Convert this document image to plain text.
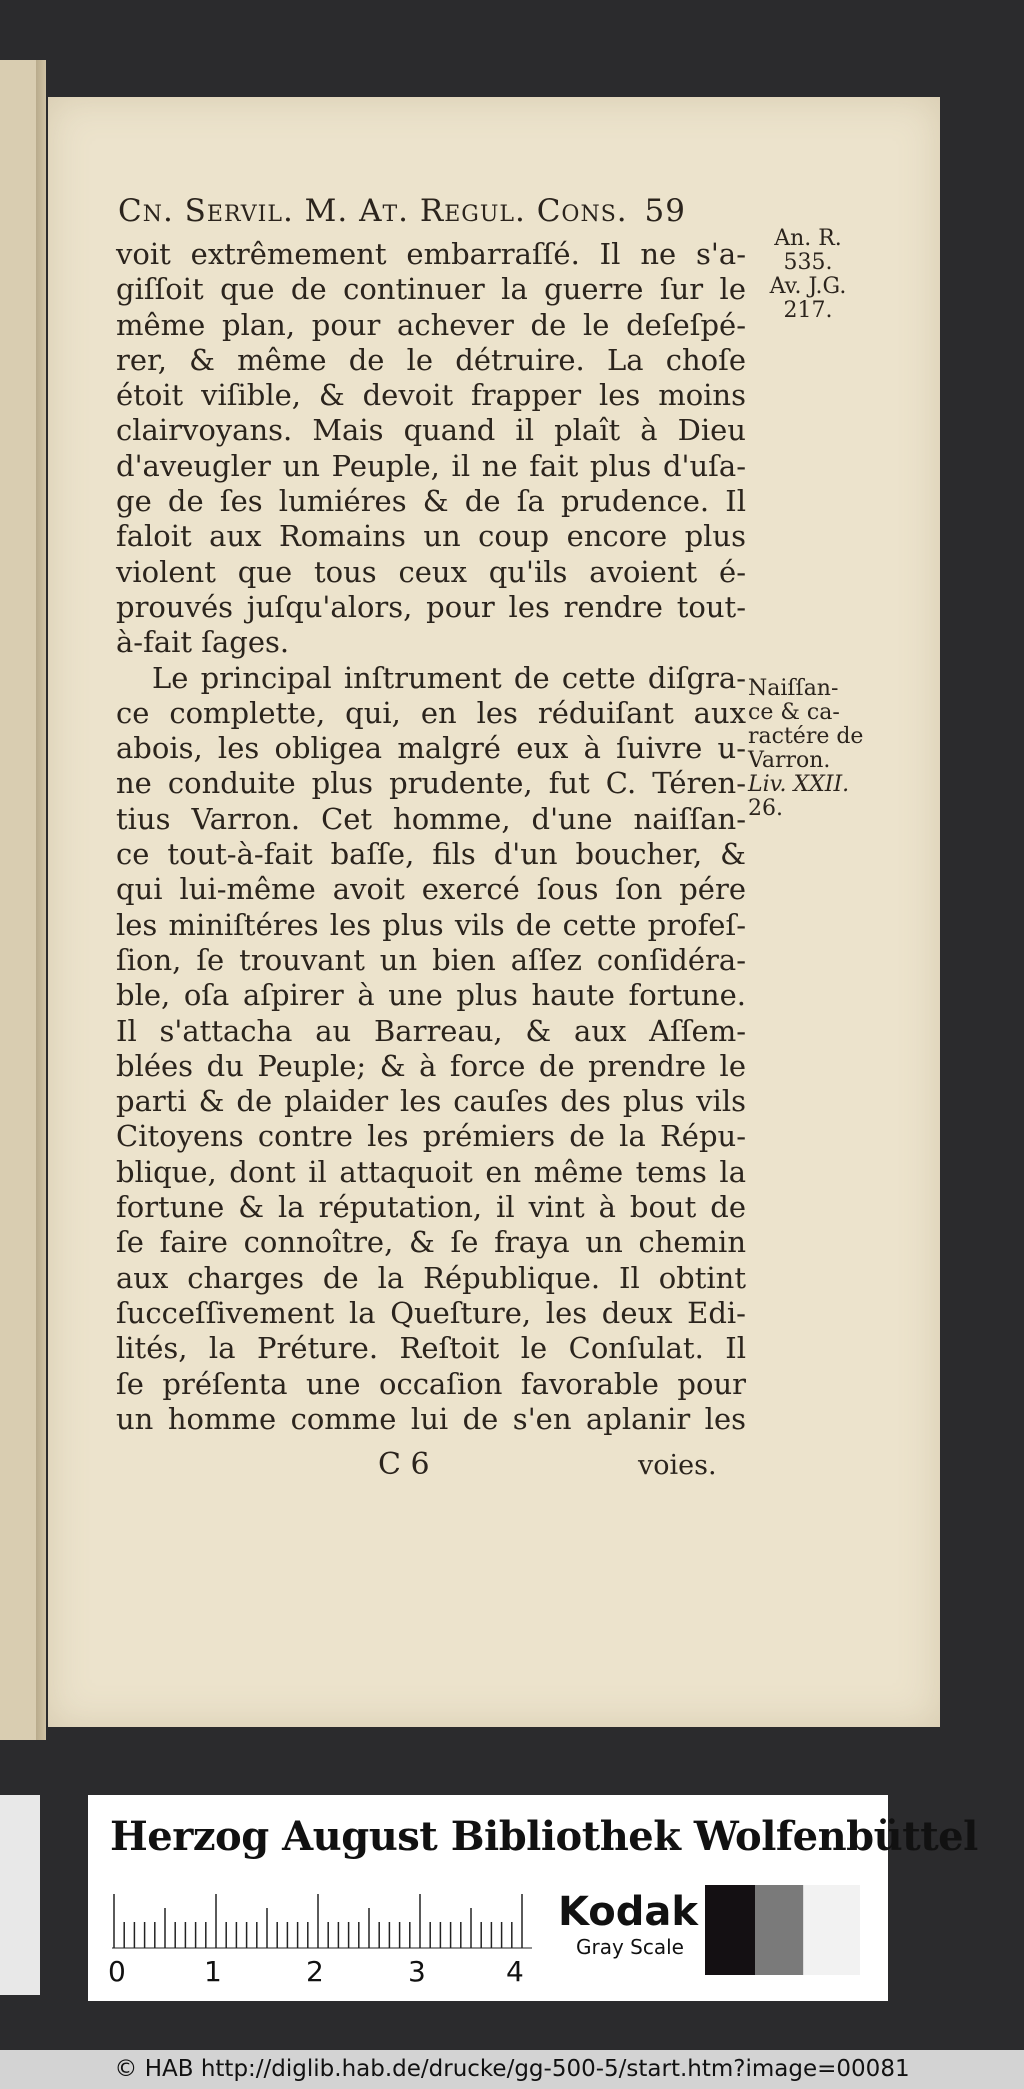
Cn. Servil. M. At. Regul. Cons. 59
voit extrêmement embarraſſé. Il ne s'a-
giſſoit que de continuer la guerre ſur le
même plan, pour achever de le deſeſpé-
rer, & même de le détruire. La choſe
étoit viſible, & devoit frapper les moins
clairvoyans. Mais quand il plaît à Dieu
d'aveugler un Peuple, il ne fait plus d'uſa-
ge de ſes lumiéres & de ſa prudence. Il
faloit aux Romains un coup encore plus
violent que tous ceux qu'ils avoient é-
prouvés juſqu'alors, pour les rendre tout-
à-fait ſages.
Le principal inſtrument de cette diſgra-
ce complette, qui, en les réduiſant aux
abois, les obligea malgré eux à ſuivre u-
ne conduite plus prudente, fut C. Téren-
tius Varron. Cet homme, d'une naiſſan-
ce tout-à-fait baſſe, fils d'un boucher, &
qui lui-même avoit exercé ſous ſon pére
les miniſtéres les plus vils de cette profeſ-
ſion, ſe trouvant un bien aſſez conſidéra-
ble, oſa aſpirer à une plus haute fortune.
Il s'attacha au Barreau, & aux Aſſem-
blées du Peuple; & à force de prendre le
parti & de plaider les cauſes des plus vils
Citoyens contre les prémiers de la Répu-
blique, dont il attaquoit en même tems la
fortune & la réputation, il vint à bout de
ſe faire connoître, & ſe fraya un chemin
aux charges de la République. Il obtint
ſucceſſivement la Queſture, les deux Edi-
lités, la Préture. Reſtoit le Conſulat. Il
ſe préſenta une occaſion favorable pour
un homme comme lui de s'en aplanir les
An. R.
535.
Av. J.G.
217.
Naiſſan-
ce & ca-
ractére de
Varron.
Liv. XXII.
26.
C 6	voies.
Herzog August Bibliothek Wolfenbüttel
0	1	2	3	4
Kodak
Gray Scale
© HAB http://diglib.hab.de/drucke/gg-500-5/start.htm?image=00081
